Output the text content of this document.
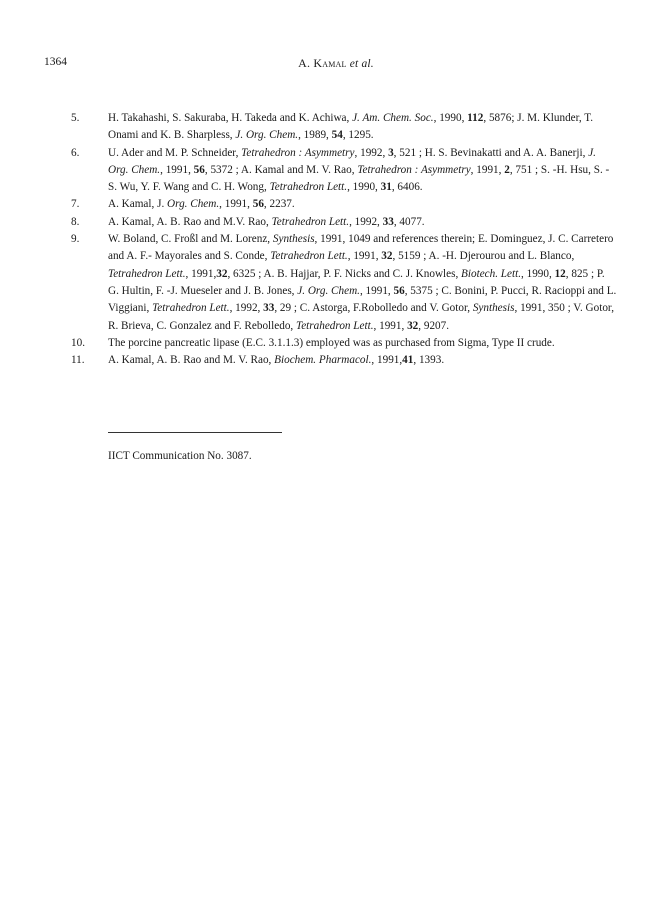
1364	A. Kamal et al.
5.	H. Takahashi, S. Sakuraba, H. Takeda and K. Achiwa, J. Am. Chem. Soc., 1990, 112, 5876; J. M. Klunder, T. Onami and K. B. Sharpless, J. Org. Chem., 1989, 54, 1295.
6.	U. Ader and M. P. Schneider, Tetrahedron : Asymmetry, 1992, 3, 521 ; H. S. Bevinakatti and A. A. Banerji, J. Org. Chem., 1991, 56, 5372 ; A. Kamal and M. V. Rao, Tetrahedron : Asymmetry, 1991, 2, 751 ; S. -H. Hsu, S. -S. Wu, Y. F. Wang and C. H. Wong, Tetrahedron Lett., 1990, 31, 6406.
7.	A. Kamal, J. Org. Chem., 1991, 56, 2237.
8.	A. Kamal, A. B. Rao and M.V. Rao, Tetrahedron Lett., 1992, 33, 4077.
9.	W. Boland, C. Froßl and M. Lorenz, Synthesis, 1991, 1049 and references therein; E. Dominguez, J. C. Carretero and A. F.- Mayorales and S. Conde, Tetrahedron Lett., 1991, 32, 5159 ; A. -H. Djerourou and L. Blanco, Tetrahedron Lett., 1991,32, 6325 ; A. B. Hajjar, P. F. Nicks and C. J. Knowles, Biotech. Lett., 1990, 12, 825 ; P. G. Hultin, F. -J. Mueseler and J. B. Jones, J. Org. Chem., 1991, 56, 5375 ; C. Bonini, P. Pucci, R. Racioppi and L. Viggiani, Tetrahedron Lett., 1992, 33, 29 ; C. Astorga, F.Robolledo and V. Gotor, Synthesis, 1991, 350 ; V. Gotor, R. Brieva, C. Gonzalez and F. Rebolledo, Tetrahedron Lett., 1991, 32, 9207.
10. The porcine pancreatic lipase (E.C. 3.1.1.3) employed was as purchased from Sigma, Type II crude.
11. A. Kamal, A. B. Rao and M. V. Rao, Biochem. Pharmacol., 1991,41, 1393.
IICT Communication No. 3087.
